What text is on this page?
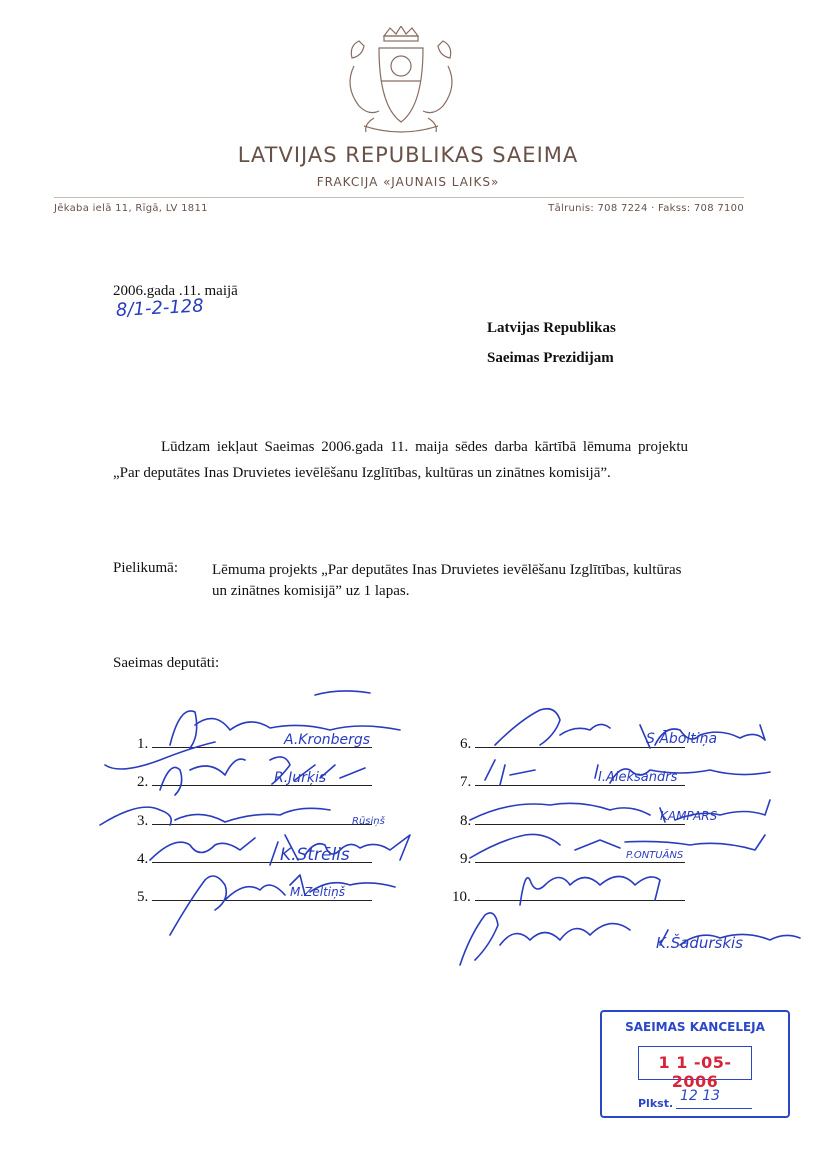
LATVIJAS REPUBLIKAS SAEIMA
FRAKCIJA «JAUNAIS LAIKS»
Jēkaba ielā 11, Rīgā, LV 1811	Tālrunis: 708 7224 · Fakss: 708 7100
2006.gada .11. maijā
8/1-2-128
Latvijas Republikas
Saeimas Prezidijam
Lūdzam iekļaut Saeimas 2006.gada 11. maija sēdes darba kārtībā lēmuma projektu „Par deputātes Inas Druvietes ievēlēšanu Izglītības, kultūras un zinātnes komisijā”.
Pielikumā: Lēmuma projekts „Par deputātes Inas Druvietes ievēlēšanu Izglītības, kultūras un zinātnes komisijā” uz 1 lapas.
Saeimas deputāti:
1.
2.
3.
4.
5.
6.
7.
8.
9.
10.
A.Kronbergs
R.Jurķis
Rūsiņš
K.Strēlis
M.Zeltiņš
S.Āboltiņa
I.Aleksandrs
KAMPARS
P.ONTUĀNS
K.Šadurskis
SAEIMAS KANCELEJA
1 1 -05- 2006
Plkst. 12 13
